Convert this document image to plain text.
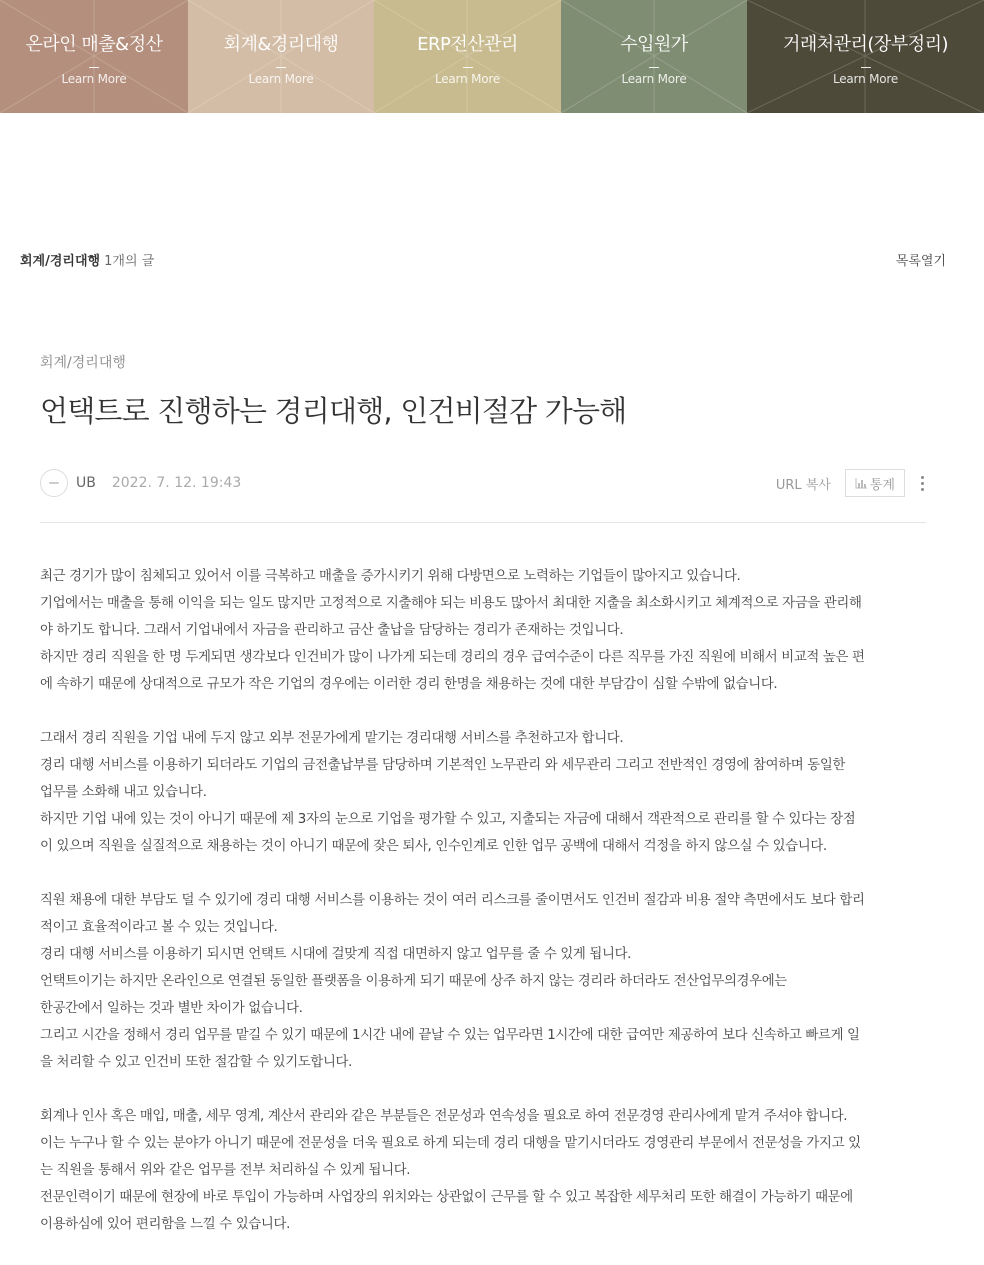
온라인 매출&정산
Learn More
회계&경리대행
Learn More
ERP전산관리
Learn More
수입원가
Learn More
거래처관리(장부정리)
Learn More
회계/경리대행 1개의 글	목록열기
회계/경리대행
언택트로 진행하는 경리대행, 인건비절감 가능해
UB 2022. 7. 12. 19:43	URL 복사	통계

최근 경기가 많이 침체되고 있어서 이를 극복하고 매출을 증가시키기 위해 다방면으로 노력하는 기업들이 많아지고 있습니다.

기업에서는 매출을 통해 이익을 되는 일도 많지만 고정적으로 지출해야 되는 비용도 많아서 최대한 지출을 최소화시키고 체계적으로 자금을 관리해

야 하기도 합니다. 그래서 기업내에서 자금을 관리하고 금산 출납을 담당하는 경리가 존재하는 것입니다.

하지만 경리 직원을 한 명 두게되면 생각보다 인건비가 많이 나가게 되는데 경리의 경우 급여수준이 다른 직무를 가진 직원에 비해서 비교적 높은 편

에 속하기 때문에 상대적으로 규모가 작은 기업의 경우에는 이러한 경리 한명을 채용하는 것에 대한 부담감이 심할 수밖에 없습니다.

그래서 경리 직원을 기업 내에 두지 않고 외부 전문가에게 맡기는 경리대행 서비스를 추천하고자 합니다.

경리 대행 서비스를 이용하기 되더라도 기업의 금전출납부를 담당하며 기본적인 노무관리 와 세무관리 그리고 전반적인 경영에 참여하며 동일한

업무를 소화해 내고 있습니다.

하지만 기업 내에 있는 것이 아니기 때문에 제 3자의 눈으로 기업을 평가할 수 있고, 지출되는 자금에 대해서 객관적으로 관리를 할 수 있다는 장점

이 있으며 직원을 실질적으로 채용하는 것이 아니기 때문에 잦은 퇴사, 인수인계로 인한 업무 공백에 대해서 걱정을 하지 않으실 수 있습니다.

직원 채용에 대한 부담도 덜 수 있기에 경리 대행 서비스를 이용하는 것이 여러 리스크를 줄이면서도 인건비 절감과 비용 절약 측면에서도 보다 합리

적이고 효율적이라고 볼 수 있는 것입니다.

경리 대행 서비스를 이용하기 되시면 언택트 시대에 걸맞게 직접 대면하지 않고 업무를 줄 수 있게 됩니다.

언택트이기는 하지만 온라인으로 연결된 동일한 플랫폼을 이용하게 되기 때문에 상주 하지 않는 경리라 하더라도 전산업무의경우에는

한공간에서 일하는 것과 별반 차이가 없습니다.

그리고 시간을 정해서 경리 업무를 맡길 수 있기 때문에 1시간 내에 끝날 수 있는 업무라면 1시간에 대한 급여만 제공하여 보다 신속하고 빠르게 일

을 처리할 수 있고 인건비 또한 절감할 수 있기도합니다.

회계나 인사 혹은 매입, 매출, 세무 영계, 계산서 관리와 같은 부분들은 전문성과 연속성을 필요로 하여 전문경영 관리사에게 맡겨 주셔야 합니다.

이는 누구나 할 수 있는 분야가 아니기 때문에 전문성을 더욱 필요로 하게 되는데 경리 대행을 맡기시더라도 경영관리 부문에서 전문성을 가지고 있

는 직원을 통해서 위와 같은 업무를 전부 처리하실 수 있게 됩니다.

전문인력이기 때문에 현장에 바로 투입이 가능하며 사업장의 위치와는 상관없이 근무를 할 수 있고 복잡한 세무처리 또한 해결이 가능하기 때문에

이용하심에 있어 편리함을 느낄 수 있습니다.
